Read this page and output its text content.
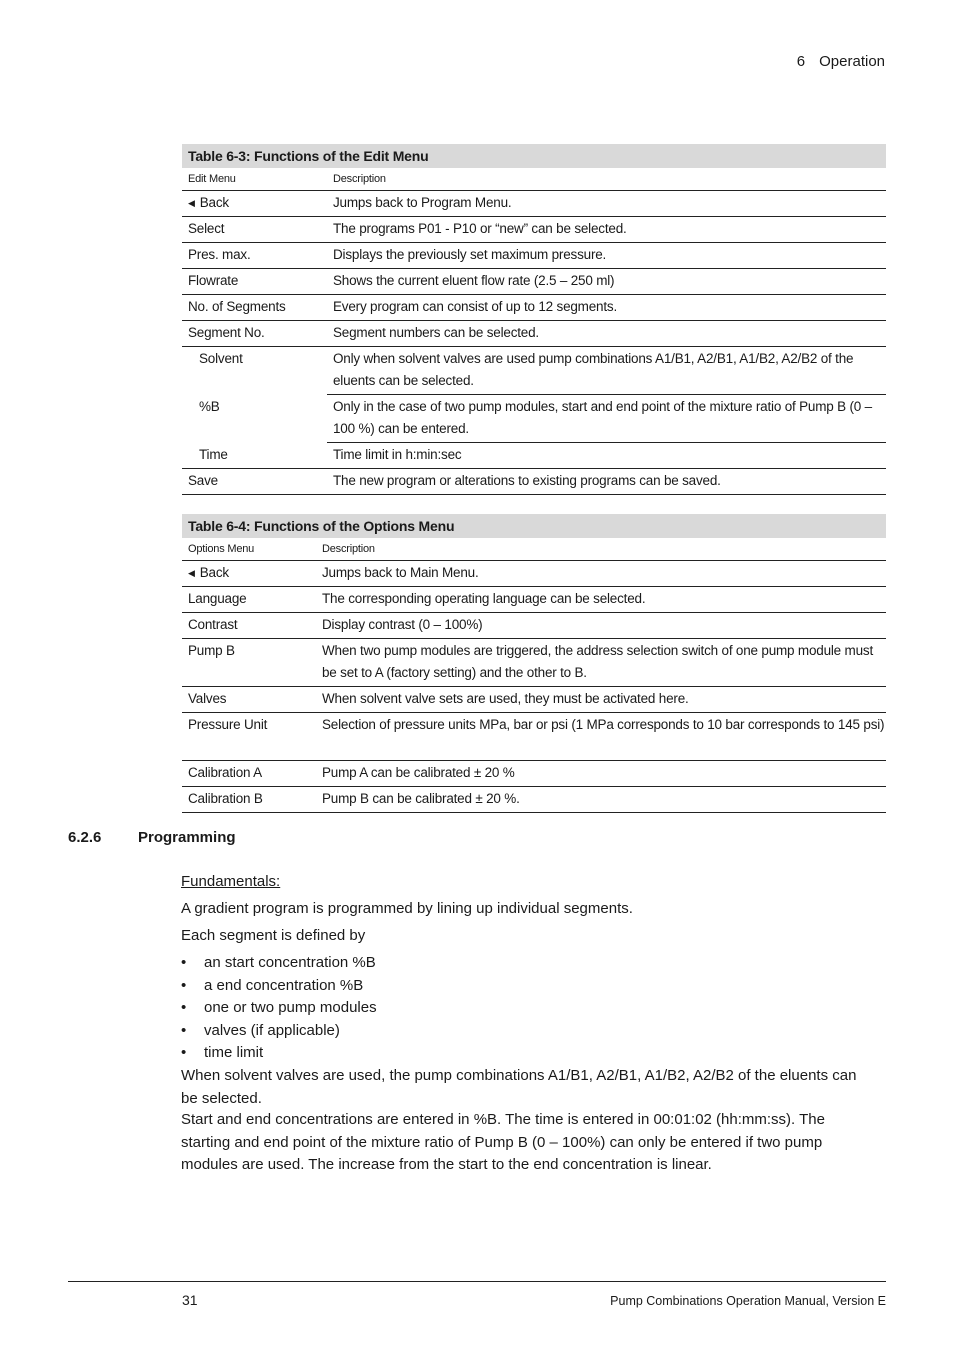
6 Operation
Table 6-3: Functions of the Edit Menu	
Edit Menu	Description
◀ Back	Jumps back to Program Menu.
Select	The programs P01 - P10 or “new” can be selected.
Pres. max.	Displays the previously set maximum pressure.
Flowrate	Shows the current eluent flow rate (2.5 – 250 ml)
No. of Segments	Every program can consist of up to 12 segments.
Segment No.	Segment numbers can be selected.
Solvent	Only when solvent valves are used pump combinations A1/B1, A2/B1, A1/B2, A2/B2 of the eluents can be selected.
%B	Only in the case of two pump modules, start and end point of the mixture ratio of Pump B (0 – 100 %) can be entered.
Time	Time limit in h:min:sec
Save	The new program or alterations to existing programs can be saved.
Table 6-4: Functions of the Options Menu	
Options Menu	Description
◀ Back	Jumps back to Main Menu.
Language	The corresponding operating language can be selected.
Contrast	Display contrast (0 – 100%)
Pump B	When two pump modules are triggered, the address selection switch of one pump module must be set to A (factory setting) and the other to B.
Valves	When solvent valve sets are used, they must be activated here.
Pressure Unit	Selection of pressure units MPa, bar or psi (1 MPa corresponds to 10 bar corresponds to 145 psi)
Calibration A	Pump A can be calibrated ± 20 %
Calibration B	Pump B can be calibrated ± 20 %.
6.2.6 Programming
Fundamentals:
A gradient program is programmed by lining up individual segments.
Each segment is defined by
• an start concentration %B
• a end concentration %B
• one or two pump modules
• valves (if applicable)
• time limit
When solvent valves are used, the pump combinations A1/B1, A2/B1, A1/B2, A2/B2 of the eluents can be selected.
Start and end concentrations are entered in %B. The time is entered in 00:01:02 (hh:mm:ss). The starting and end point of the mixture ratio of Pump B (0 – 100%) can only be entered if two pump modules are used. The increase from the start to the end concentration is linear.
31	Pump Combinations Operation Manual, Version E
